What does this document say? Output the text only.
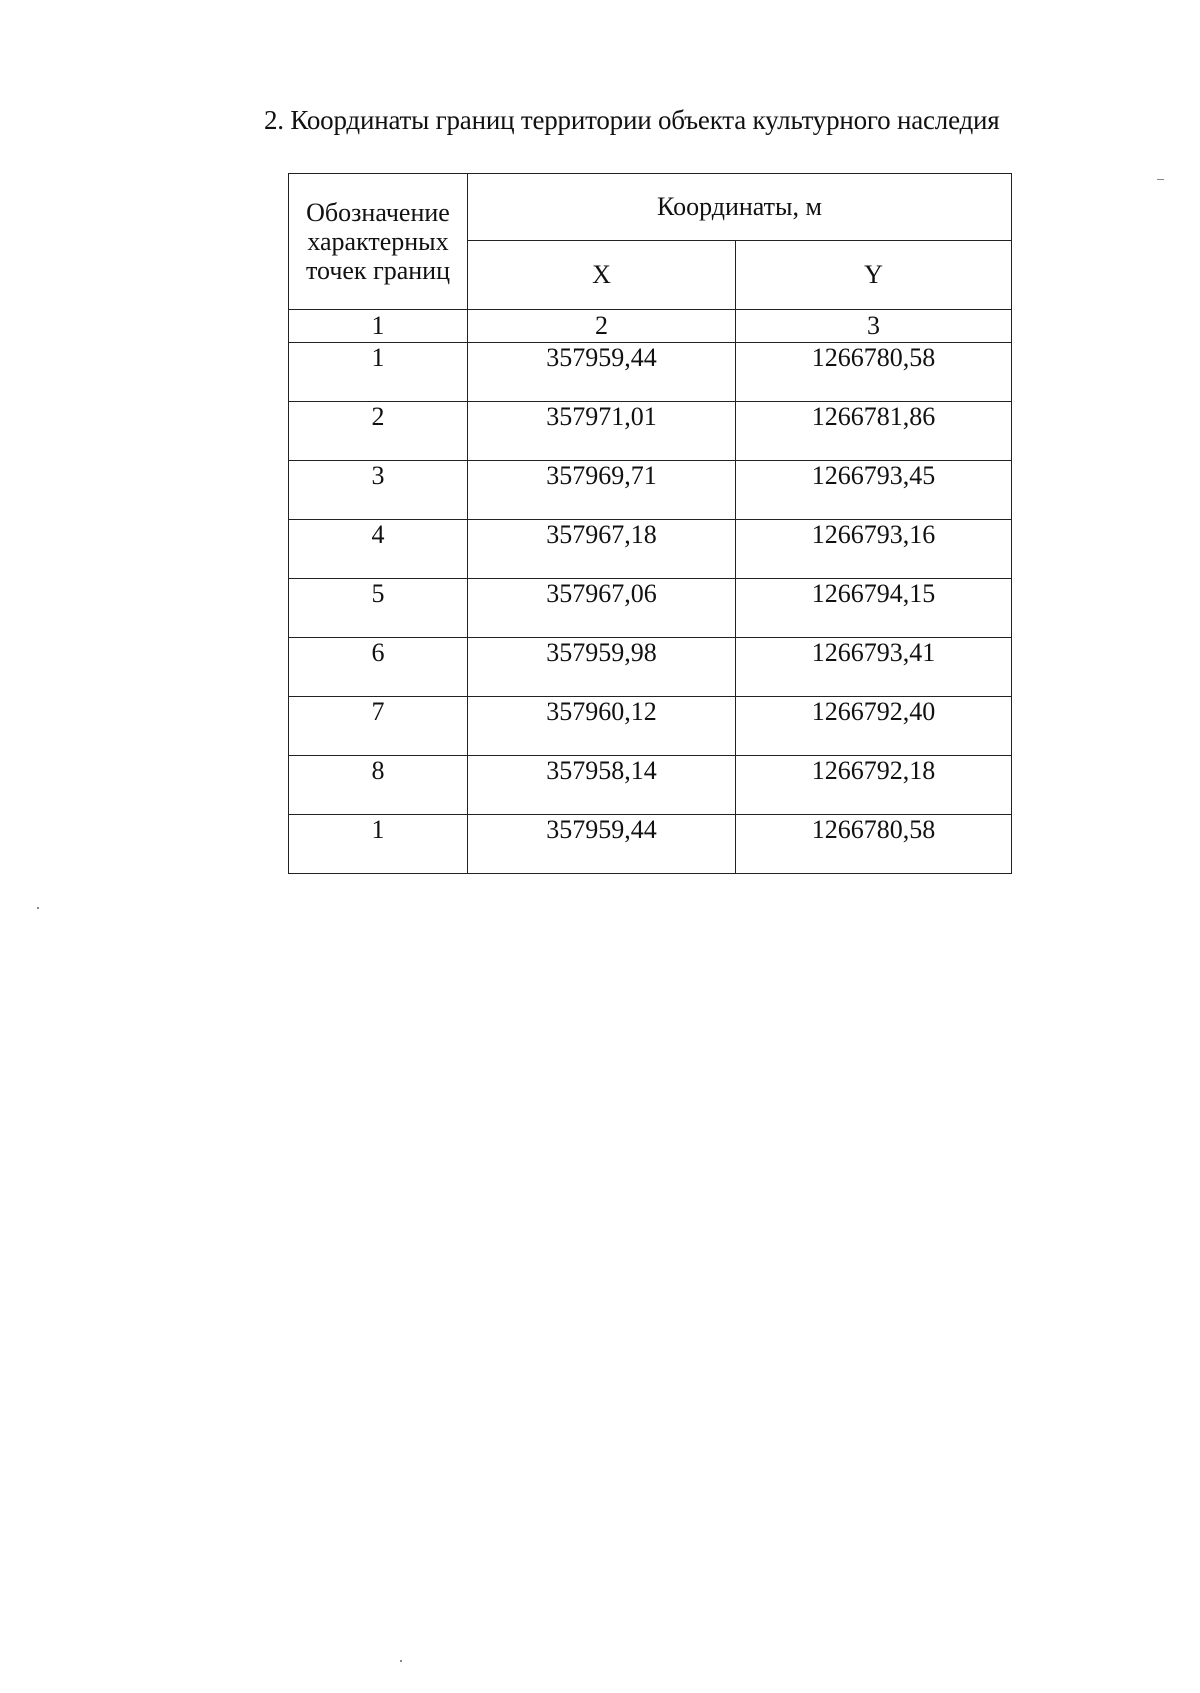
2. Координаты границ территории объекта культурного наследия
Обозначение характерных точек границ	Координаты, м	
	X	Y
1	2	3
1	357959,44	1266780,58
2	357971,01	1266781,86
3	357969,71	1266793,45
4	357967,18	1266793,16
5	357967,06	1266794,15
6	357959,98	1266793,41
7	357960,12	1266792,40
8	357958,14	1266792,18
1	357959,44	1266780,58
